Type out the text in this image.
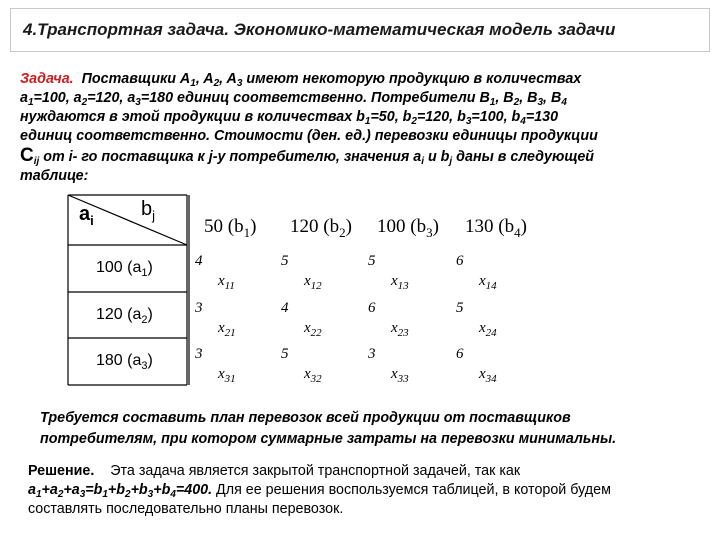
4.Транспортная задача. Экономико-математическая модель задачи
Задача. Поставщики $A_1$, $A_2$, $A_3$ имеют некоторую продукцию в количествах
$a_1=100$, $a_2=120$, $a_3=180$ единиц соответственно. Потребители $B_1$, $B_2$, $B_3$, $B_4$
нуждаются в этой продукции в количествах $b_1=50$, $b_2=120$, $b_3=100$, $b_4=130$
единиц соответственно. Стоимости (ден. ед.) перевозки единицы продукции
$C_{ij}$ от i- го поставщика к j-у потребителю, значения $a_i$ и $b_j$ даны в следующей
таблице:
$a_i$
$b_j$
50 $(b_1)$ 120 $(b_2)$ 100 $(b_3)$ 130 $(b_4)$
100 $(a_1)$	4	5	5	6
$x_{11}$	$x_{12}$	$x_{13}$	$x_{14}$
120 $(a_2)$	3	4	6	5
$x_{21}$	$x_{22}$	$x_{23}$	$x_{24}$
180 $(a_3)$	3	5	3	6
$x_{31}$	$x_{32}$	$x_{33}$	$x_{34}$
Требуется составить план перевозок всей продукции от поставщиков
потребителям, при котором суммарные затраты на перевозки минимальны.
Решение. Эта задача является закрытой транспортной задачей, так как
$a_1+a_2+a_3=b_1+b_2+b_3+b_4=400$. Для ее решения воспользуемся таблицей, в которой будем
составлять последовательно планы перевозок.
